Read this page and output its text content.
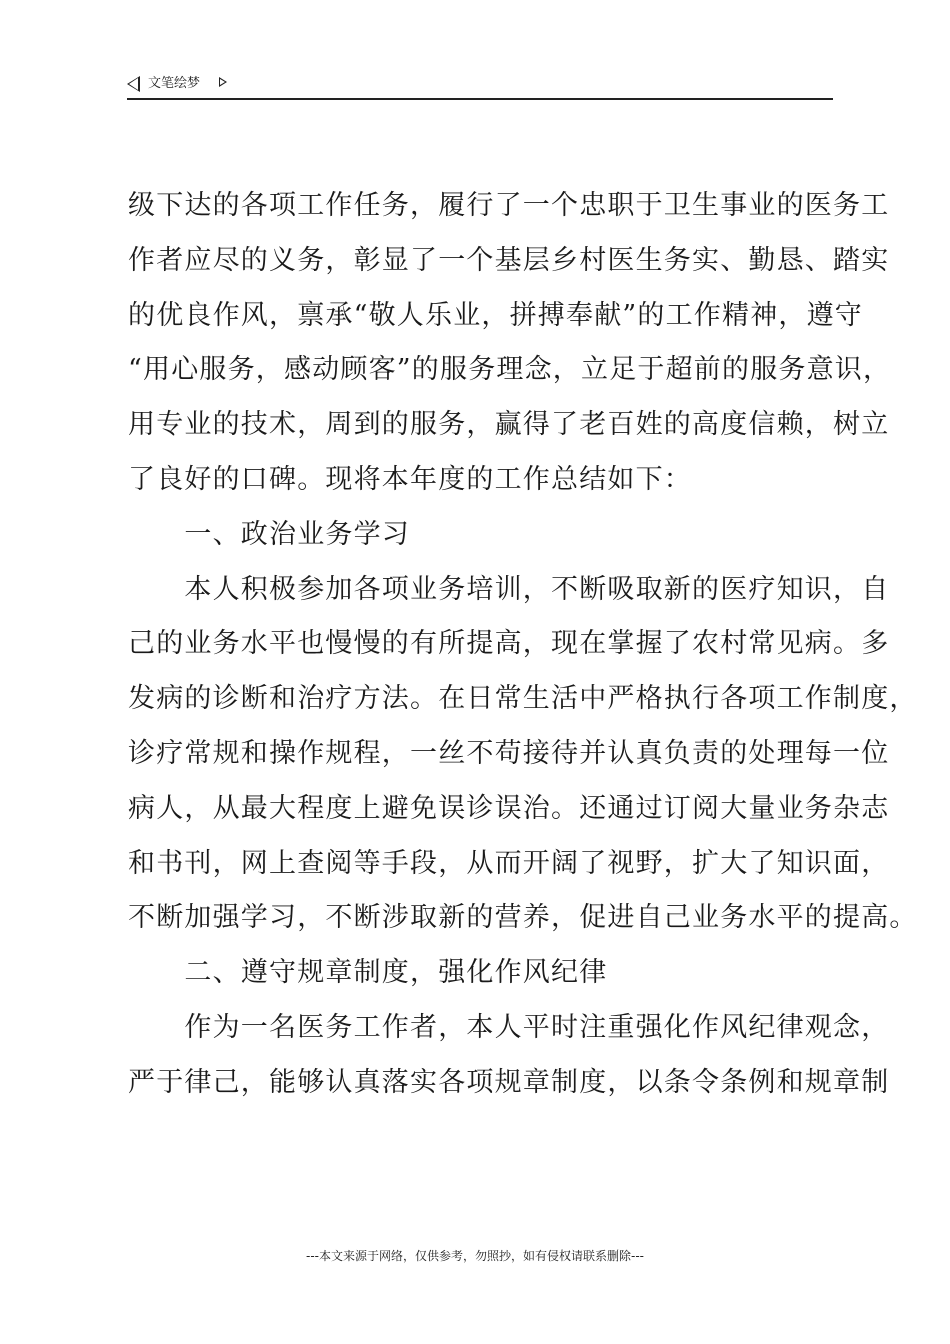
文笔绘梦
级下达的各项工作任务，履行了一个忠职于卫生事业的医务工
作者应尽的义务，彰显了一个基层乡村医生务实、勤恳、踏实
的优良作风，禀承“敬人乐业，拼搏奉献”的工作精神，遵守
“用心服务，感动顾客”的服务理念，立足于超前的服务意识，
用专业的技术，周到的服务，赢得了老百姓的高度信赖，树立
了良好的口碑。现将本年度的工作总结如下：
　　一、政治业务学习
　　本人积极参加各项业务培训，不断吸取新的医疗知识，自
己的业务水平也慢慢的有所提高，现在掌握了农村常见病。多
发病的诊断和治疗方法。在日常生活中严格执行各项工作制度，
诊疗常规和操作规程，一丝不苟接待并认真负责的处理每一位
病人，从最大程度上避免误诊误治。还通过订阅大量业务杂志
和书刊，网上查阅等手段，从而开阔了视野，扩大了知识面，
不断加强学习，不断涉取新的营养，促进自己业务水平的提高。
　　二、遵守规章制度，强化作风纪律
　　作为一名医务工作者，本人平时注重强化作风纪律观念，
严于律己，能够认真落实各项规章制度，以条令条例和规章制
---本文来源于网络，仅供参考，勿照抄，如有侵权请联系删除---
